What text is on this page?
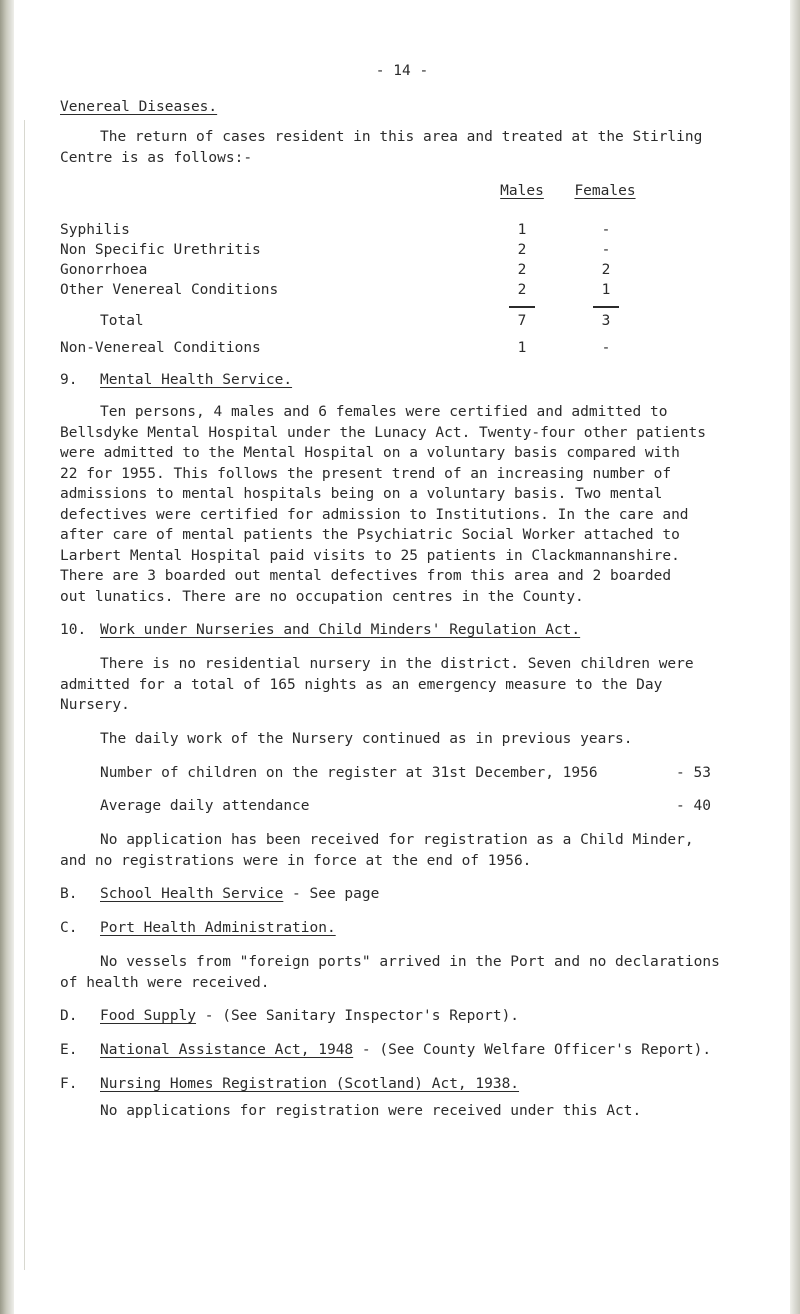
- 14 -
Venereal Diseases.
The return of cases resident in this area and treated at the Stirling
Centre is as follows:-
Males Females
Syphilis	1	-
Non Specific Urethritis	2	-
Gonorrhoea	2	2
Other Venereal Conditions	2	1
Total	7	3
Non-Venereal Conditions	1	-
9. Mental Health Service.
Ten persons, 4 males and 6 females were certified and admitted to
Bellsdyke Mental Hospital under the Lunacy Act. Twenty-four other patients
were admitted to the Mental Hospital on a voluntary basis compared with
22 for 1955. This follows the present trend of an increasing number of
admissions to mental hospitals being on a voluntary basis. Two mental
defectives were certified for admission to Institutions. In the care and
after care of mental patients the Psychiatric Social Worker attached to
Larbert Mental Hospital paid visits to 25 patients in Clackmannanshire.
There are 3 boarded out mental defectives from this area and 2 boarded
out lunatics. There are no occupation centres in the County.
10. Work under Nurseries and Child Minders' Regulation Act.
There is no residential nursery in the district. Seven children were
admitted for a total of 165 nights as an emergency measure to the Day
Nursery.
The daily work of the Nursery continued as in previous years.
Number of children on the register at 31st December, 1956	- 53
Average daily attendance	- 40
No application has been received for registration as a Child Minder,
and no registrations were in force at the end of 1956.
B. School Health Service - See page
C. Port Health Administration.
No vessels from "foreign ports" arrived in the Port and no declarations
of health were received.
D. Food Supply - (See Sanitary Inspector's Report).
E. National Assistance Act, 1948 - (See County Welfare Officer's Report).
F. Nursing Homes Registration (Scotland) Act, 1938.
No applications for registration were received under this Act.
